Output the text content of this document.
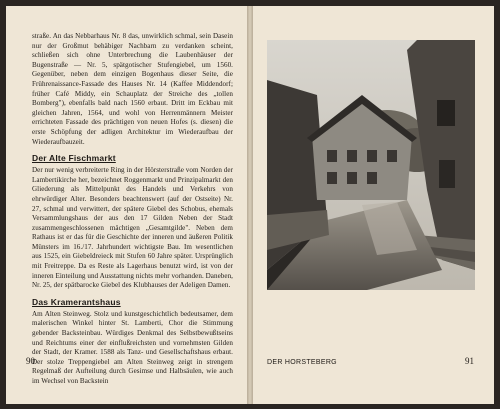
straße. An das Nebbarhaus Nr. 8 das, unwirklich schmal, sein Dasein nur der Großmut behäbiger Nachbarn zu verdanken scheint, schließen sich ohne Unterbrechung die Laubenhäuser der Bugenstraße — Nr. 5, spätgotischer Stufengiebel, um 1560. Gegenüber, neben dem einzigen Bogenhaus dieser Seite, die Frührenaissance-Fassade des Hauses Nr. 14 (Kaffee Middendorf; früher Café Middy, ein Schauplatz der Streiche des „tollen Bomberg"), ebenfalls bald nach 1560 erbaut. Dritt im Eckbau mit gleichen Jahren, 1564, und wohl von Herrenmännern Meister errichteten Fassade des prächtigen von neuen Hofes (s. diesen) die erste Schöpfung der adligen Architektur im Wiederaufbau der Wiederaufbauzeit.

Der Alte Fischmarkt

Der nur wenig verbreiterte Ring in der Hörsterstraße vom Norden der Lambertikirche her, bezeichnet Roggenmarkt und Prinzipalmarkt den Gliederung als Mittelpunkt des Handels und Verkehrs von ehrwürdiger Alter. Besonders beachtenswert (auf der Ostseite) Nr. 27, schmal und verwittert, der spätere Giebel des Schobus, ehemals Versammlungshaus der aus den 17 Gilden Neben der Stadt zusammengeschlossenen mächtigen „Gesamtgilde". Neben dem Rathaus ist er das für die Geschichte der inneren und äußeren Politik Münsters im 16./17. Jahrhundert wichtigste Bau. Im wesentlichen aus 1525, ein Giebeldreieck mit Stufen 60 Jahre später. Ursprünglich mit Freitreppe. Da es Reste als Lagerhaus benutzt wird, ist von der inneren Einteilung und Ausstattung nichts mehr vorhanden. Daneben, Nr. 25, der spätbarocke Giebel des Klubhauses der Adeligen Damen.

Das Kramerantshaus

Am Alten Steinweg. Stolz und kunstgeschichtlich bedeutsamer, dem malerischen Winkel hinter St. Lamberti, Chor die Stimmung gebender Backsteinbau. Würdiges Denkmal des Selbstbewußtseins und Reichtums einer der einflußreichsten und vornehmsten Gilden der Stadt, der Kramer. 1588 als Tanz- und Gesellschaftshaus erbaut. Der stolze Treppengiebel am Alten Steinweg zeigt in strengem Regelmaß der Aufteilung durch Gesimse und Halbsäulen, wie auch im Wechsel von Backstein

90	DER HORSTEBERG	91
